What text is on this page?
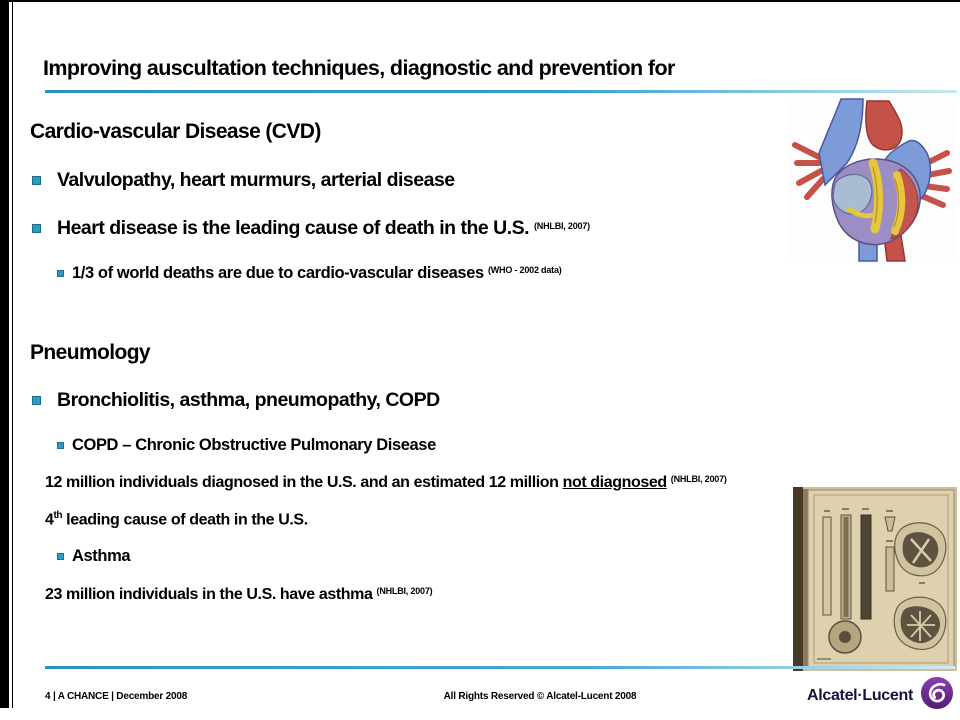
Improving auscultation techniques, diagnostic and prevention for
Cardio-vascular Disease (CVD)
Valvulopathy, heart murmurs, arterial disease
Heart disease is the leading cause of death in the U.S. $^{(NHLBI, 2007)}$
1/3 of world deaths are due to cardio-vascular diseases $^{(WHO - 2002 data)}$
Pneumology
Bronchiolitis, asthma, pneumopathy, COPD
COPD – Chronic Obstructive Pulmonary Disease
12 million individuals diagnosed in the U.S. and an estimated 12 million not diagnosed $^{(NHLBI, 2007)}$
4th leading cause of death in the U.S.
Asthma
23 million individuals in the U.S. have asthma $^{(NHLBI, 2007)}$
4 | A CHANCE | December 2008	All Rights Reserved © Alcatel-Lucent 2008	Alcatel·Lucent
